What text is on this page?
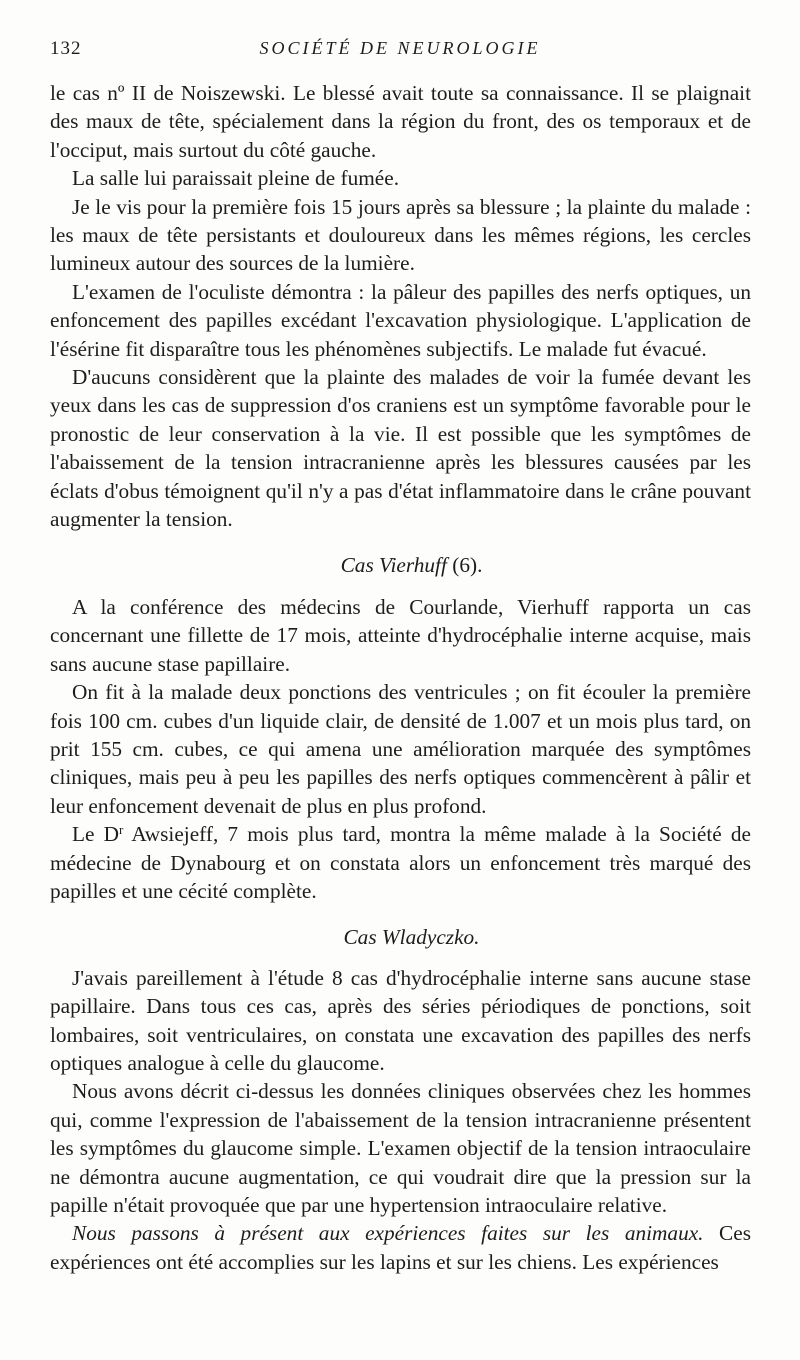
132	SOCIÉTÉ DE NEUROLOGIE

le cas nº II de Noiszewski. Le blessé avait toute sa connaissance. Il se plaignait des maux de tête, spécialement dans la région du front, des os temporaux et de l'occiput, mais surtout du côté gauche.

La salle lui paraissait pleine de fumée.

Je le vis pour la première fois 15 jours après sa blessure ; la plainte du malade : les maux de tête persistants et douloureux dans les mêmes régions, les cercles lumineux autour des sources de la lumière.

L'examen de l'oculiste démontra : la pâleur des papilles des nerfs optiques, un enfoncement des papilles excédant l'excavation physiologique. L'application de l'ésérine fit disparaître tous les phénomènes subjectifs. Le malade fut évacué.

D'aucuns considèrent que la plainte des malades de voir la fumée devant les yeux dans les cas de suppression d'os craniens est un symptôme favorable pour le pronostic de leur conservation à la vie. Il est possible que les symptômes de l'abaissement de la tension intracranienne après les blessures causées par les éclats d'obus témoignent qu'il n'y a pas d'état inflammatoire dans le crâne pouvant augmenter la tension.

Cas Vierhuff (6).

A la conférence des médecins de Courlande, Vierhuff rapporta un cas concernant une fillette de 17 mois, atteinte d'hydrocéphalie interne acquise, mais sans aucune stase papillaire.

On fit à la malade deux ponctions des ventricules ; on fit écouler la première fois 100 cm. cubes d'un liquide clair, de densité de 1.007 et un mois plus tard, on prit 155 cm. cubes, ce qui amena une amélioration marquée des symptômes cliniques, mais peu à peu les papilles des nerfs optiques commencèrent à pâlir et leur enfoncement devenait de plus en plus profond.

Le $D^r$ Awsiejeff, 7 mois plus tard, montra la même malade à la Société de médecine de Dynabourg et on constata alors un enfoncement très marqué des papilles et une cécité complète.

Cas Wladyczko.

J'avais pareillement à l'étude 8 cas d'hydrocéphalie interne sans aucune stase papillaire. Dans tous ces cas, après des séries périodiques de ponctions, soit lombaires, soit ventriculaires, on constata une excavation des papilles des nerfs optiques analogue à celle du glaucome.

Nous avons décrit ci-dessus les données cliniques observées chez les hommes qui, comme l'expression de l'abaissement de la tension intracranienne présentent les symptômes du glaucome simple. L'examen objectif de la tension intraoculaire ne démontra aucune augmentation, ce qui voudrait dire que la pression sur la papille n'était provoquée que par une hypertension intraoculaire relative.

Nous passons à présent aux expériences faites sur les animaux. Ces expériences ont été accomplies sur les lapins et sur les chiens. Les expériences
